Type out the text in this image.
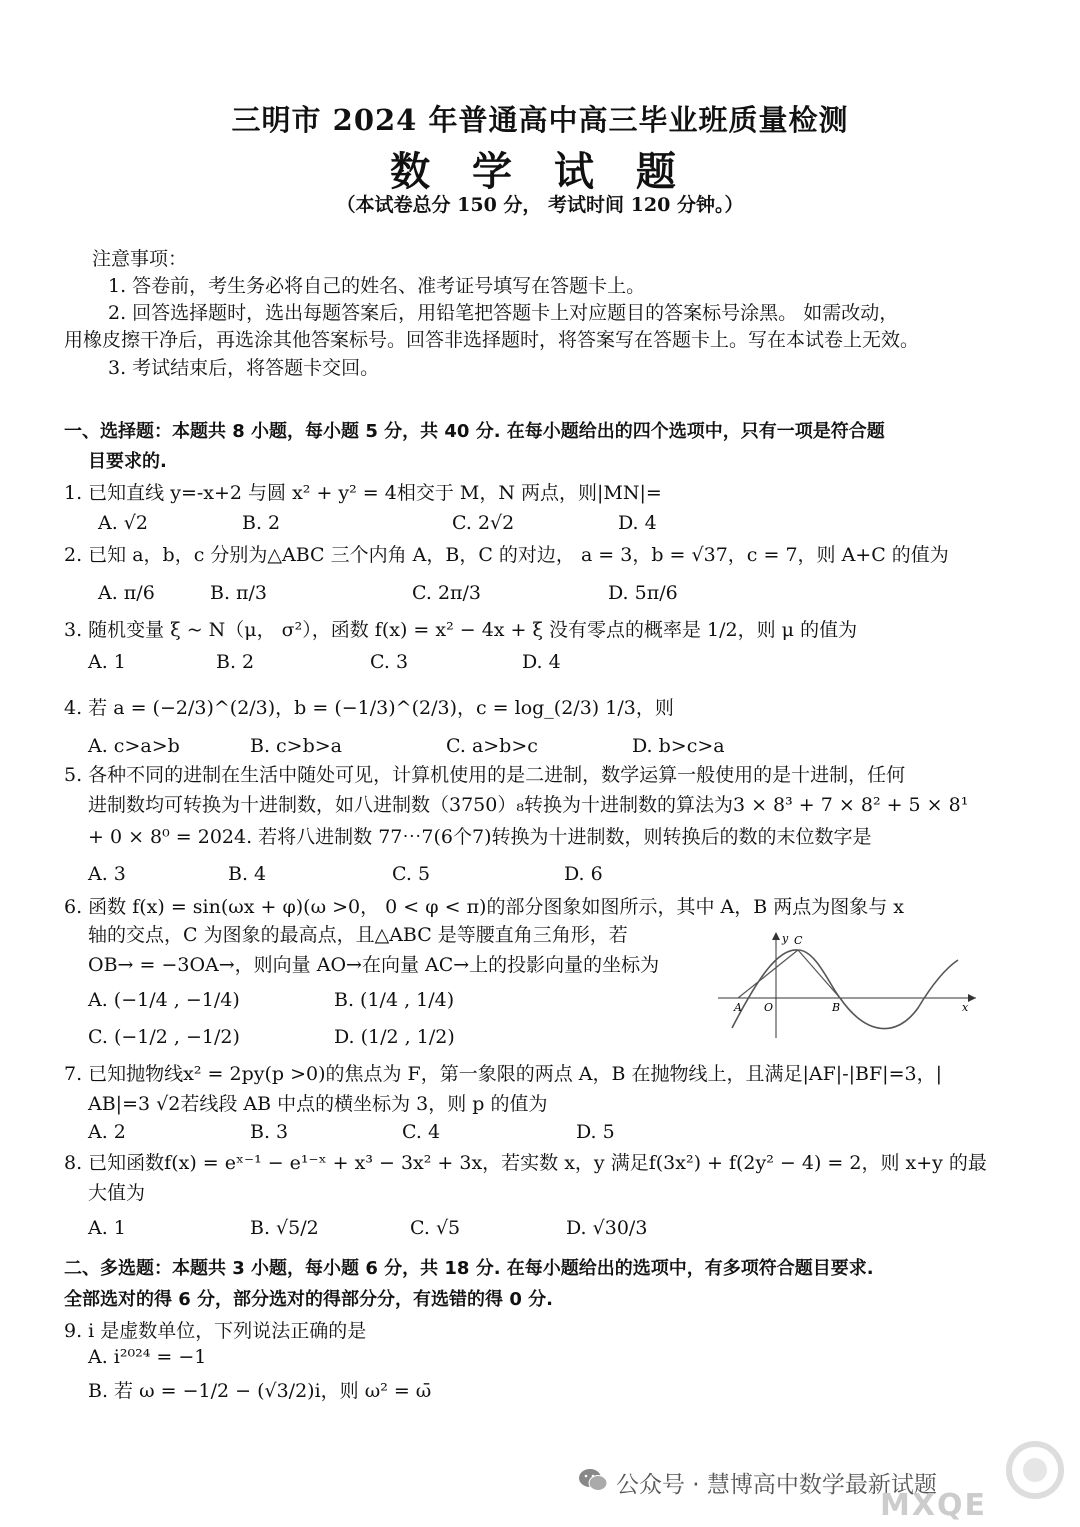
三明市 2024 年普通高中高三毕业班质量检测
数 学 试 题
（本试卷总分 150 分， 考试时间 120 分钟。）
注意事项：
1. 答卷前，考生务必将自己的姓名、准考证号填写在答题卡上。
2. 回答选择题时，选出每题答案后，用铅笔把答题卡上对应题目的答案标号涂黑。 如需改动，
用橡皮擦干净后，再选涂其他答案标号。回答非选择题时，将答案写在答题卡上。写在本试卷上无效。
3. 考试结束后，将答题卡交回。
一、选择题：本题共 8 小题，每小题 5 分，共 40 分. 在每小题给出的四个选项中，只有一项是符合题
目要求的.
1. 已知直线 y=-x+2 与圆 x² + y² = 4相交于 M，N 两点，则|MN|=
A. √2	B. 2	C. 2√2	D. 4
2. 已知 a，b，c 分别为△ABC 三个内角 A，B，C 的对边， a = 3，b = √37，c = 7，则 A+C 的值为
A. π/6	B. π/3	C. 2π/3	D. 5π/6
3. 随机变量 ξ ~ N（μ， σ²），函数 f(x) = x² − 4x + ξ 没有零点的概率是 1/2，则 μ 的值为
A. 1	B. 2	C. 3	D. 4
4. 若 a = (−2/3)^(2/3)，b = (−1/3)^(2/3)，c = log_(2/3) 1/3，则
A. c>a>b	B. c>b>a	C. a>b>c	D. b>c>a
5. 各种不同的进制在生活中随处可见，计算机使用的是二进制，数学运算一般使用的是十进制，任何
进制数均可转换为十进制数，如八进制数（3750）₈转换为十进制数的算法为3 × 8³ + 7 × 8² + 5 × 8¹
+ 0 × 8⁰ = 2024. 若将八进制数 77⋯7(6个7)转换为十进制数，则转换后的数的末位数字是
A. 3	B. 4	C. 5	D. 6
6. 函数 f(x) = sin(ωx + φ)(ω >0， 0 < φ < π)的部分图象如图所示，其中 A，B 两点为图象与 x
轴的交点，C 为图象的最高点，且△ABC 是等腰直角三角形，若
OB→ = −3OA→，则向量 AO→在向量 AC→上的投影向量的坐标为
A. (−1/4 , −1/4)	B. (1/4 , 1/4)
C. (−1/2 , −1/2)	D. (1/2 , 1/2)
y C
A O	B	x
7. 已知抛物线x² = 2py(p >0)的焦点为 F，第一象限的两点 A，B 在抛物线上，且满足|AF|-|BF|=3，|
AB|=3 √2若线段 AB 中点的横坐标为 3，则 p 的值为
A. 2	B. 3	C. 4	D. 5
8. 已知函数f(x) = eˣ⁻¹ − e¹⁻ˣ + x³ − 3x² + 3x，若实数 x，y 满足f(3x²) + f(2y² − 4) = 2，则 x+y 的最
大值为
A. 1	B. √5/2	C. √5	D. √30/3
二、多选题：本题共 3 小题，每小题 6 分，共 18 分. 在每小题给出的选项中，有多项符合题目要求.
全部选对的得 6 分，部分选对的得部分分，有选错的得 0 分.
9. i 是虚数单位，下列说法正确的是
A. i²⁰²⁴ = −1
B. 若 ω = −1/2 − (√3/2)i，则 ω² = ω̄
公众号 · 慧博高中数学最新试题
MXQE
